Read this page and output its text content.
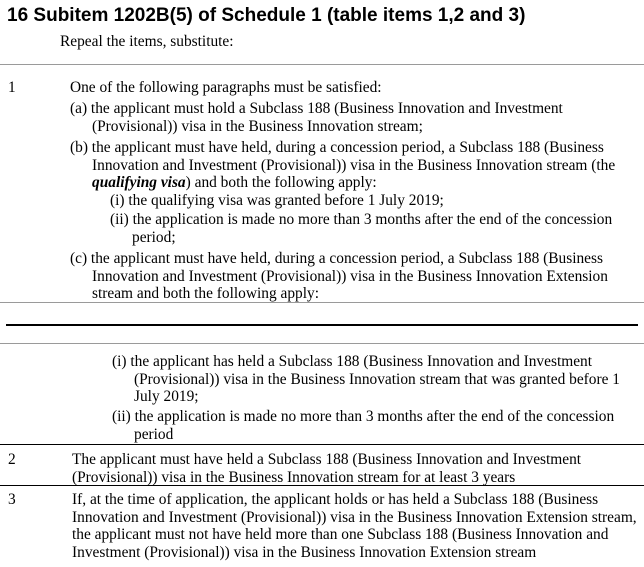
16 Subitem 1202B(5) of Schedule 1 (table items 1,2 and 3)

Repeal the items, substitute:

1	One of the following paragraphs must be satisfied:

(a) the applicant must hold a Subclass 188 (Business Innovation and Investment (Provisional)) visa in the Business Innovation stream;

(b) the applicant must have held, during a concession period, a Subclass 188 (Business Innovation and Investment (Provisional)) visa in the Business Innovation stream (the qualifying visa) and both the following apply:

(i) the qualifying visa was granted before 1 July 2019;

(ii) the application is made no more than 3 months after the end of the concession period;

(c) the applicant must have held, during a concession period, a Subclass 188 (Business Innovation and Investment (Provisional)) visa in the Business Innovation Extension stream and both the following apply:

(i) the applicant has held a Subclass 188 (Business Innovation and Investment (Provisional)) visa in the Business Innovation stream that was granted before 1 July 2019;

(ii) the application is made no more than 3 months after the end of the concession period

2	The applicant must have held a Subclass 188 (Business Innovation and Investment (Provisional)) visa in the Business Innovation stream for at least 3 years

3	If, at the time of application, the applicant holds or has held a Subclass 188 (Business Innovation and Investment (Provisional)) visa in the Business Innovation Extension stream, the applicant must not have held more than one Subclass 188 (Business Innovation and Investment (Provisional)) visa in the Business Innovation Extension stream
